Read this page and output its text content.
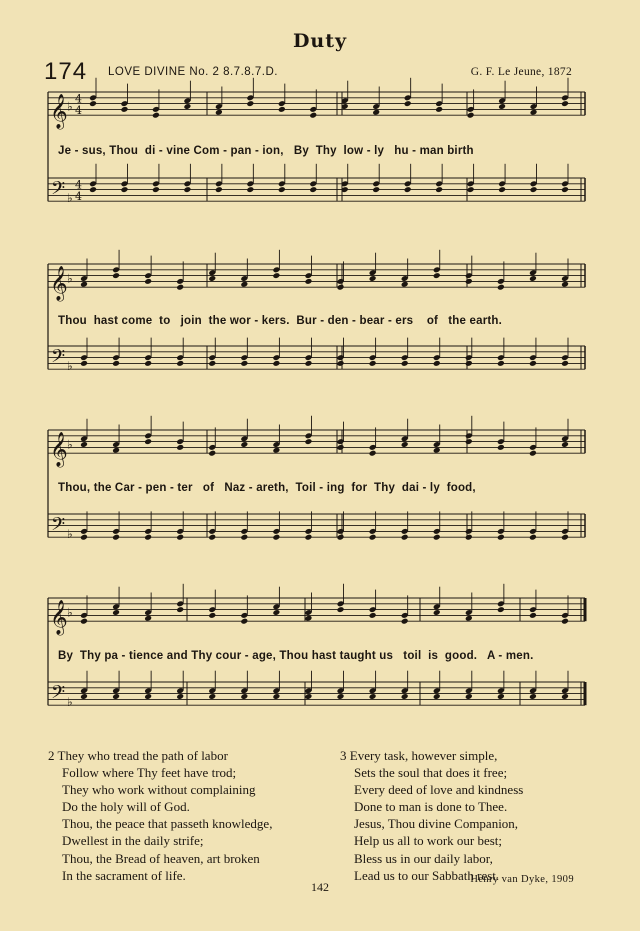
Duty
174 LOVE DIVINE No. 2 8.7.8.7.D.	G. F. Le Jeune, 1872
𝄞 ♭
4
4
𝄢 ♭
4
4
𝄞 ♭
𝄢 ♭
𝄞 ♭
𝄢 ♭
𝄞 ♭
𝄢 ♭
Je - sus, Thou  di - vine Com - pan - ion,   By  Thy  low - ly   hu - man birth
Thou  hast come  to   join  the wor - kers.  Bur - den - bear - ers    of   the earth.
Thou, the Car - pen - ter   of   Naz - areth,  Toil - ing  for  Thy  dai - ly  food,
By  Thy pa - tience and Thy cour - age, Thou hast taught us   toil  is  good.   A - men.
2 They who tread the path of labor
Follow where Thy feet have trod;
They who work without complaining
Do the holy will of God.
Thou, the peace that passeth knowledge,
Dwellest in the daily strife;
Thou, the Bread of heaven, art broken
In the sacrament of life.
3 Every task, however simple,
Sets the soul that does it free;
Every deed of love and kindness
Done to man is done to Thee.
Jesus, Thou divine Companion,
Help us all to work our best;
Bless us in our daily labor,
Lead us to our Sabbath rest.
Henry van Dyke, 1909
142
